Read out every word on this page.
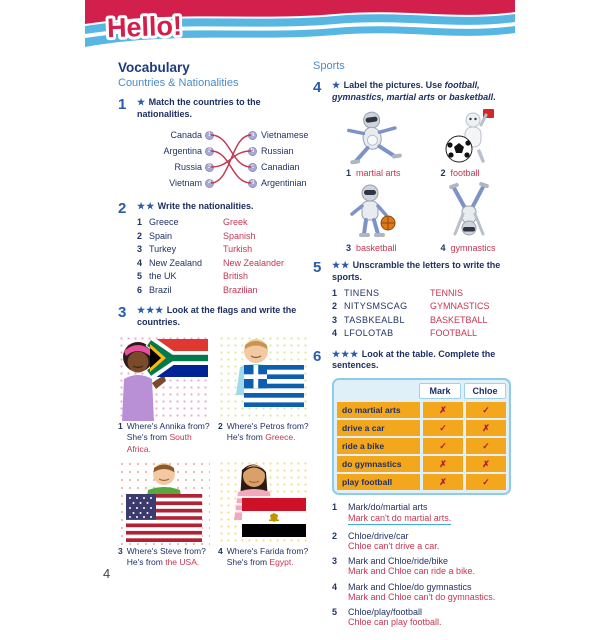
Hello!
Vocabulary
Countries & Nationalities
1	★ Match the countries to the nationalities.
Canada 1	a Vietnamese
Argentina 2	b Russian
Russia 3	c Canadian
Vietnam 4	d Argentinian
2	★★ Write the nationalities.
1 Greece	Greek
2 Spain	Spanish
3 Turkey	Turkish
4 New Zealand	New Zealander
5 the UK	British
6 Brazil	Brazilian
3	★★★ Look at the flags and write the countries.
1 Where's Annika from?
She's from South Africa.
2 Where's Petros from?
He's from Greece.
3 Where's Steve from?
He's from the USA.
4 Where's Farida from?
She's from Egypt.
Sports
4	★ Label the pictures. Use football, gymnastics, martial arts or basketball.
1 martial arts	2 football
3 basketball	4 gymnastics
5	★★ Unscramble the letters to write the sports.
1 TINENS	TENNIS
2 NITYSMSCAG	GYMNASTICS
3 TASBKEALBL	BASKETBALL
4 LFOLOTAB	FOOTBALL
6	★★★ Look at the table. Complete the sentences.
Mark	Chloe
do martial arts	✗	✓
drive a car	✓	✗
ride a bike	✓	✓
do gymnastics	✗	✗
play football	✗	✓
1	Mark/do/martial arts
Mark can't do martial arts.
2	Chloe/drive/car
Chloe can't drive a car.
3	Mark and Chloe/ride/bike
Mark and Chloe can ride a bike.
4	Mark and Chloe/do gymnastics
Mark and Chloe can't do gymnastics.
5	Chloe/play/football
Chloe can play football.
4
